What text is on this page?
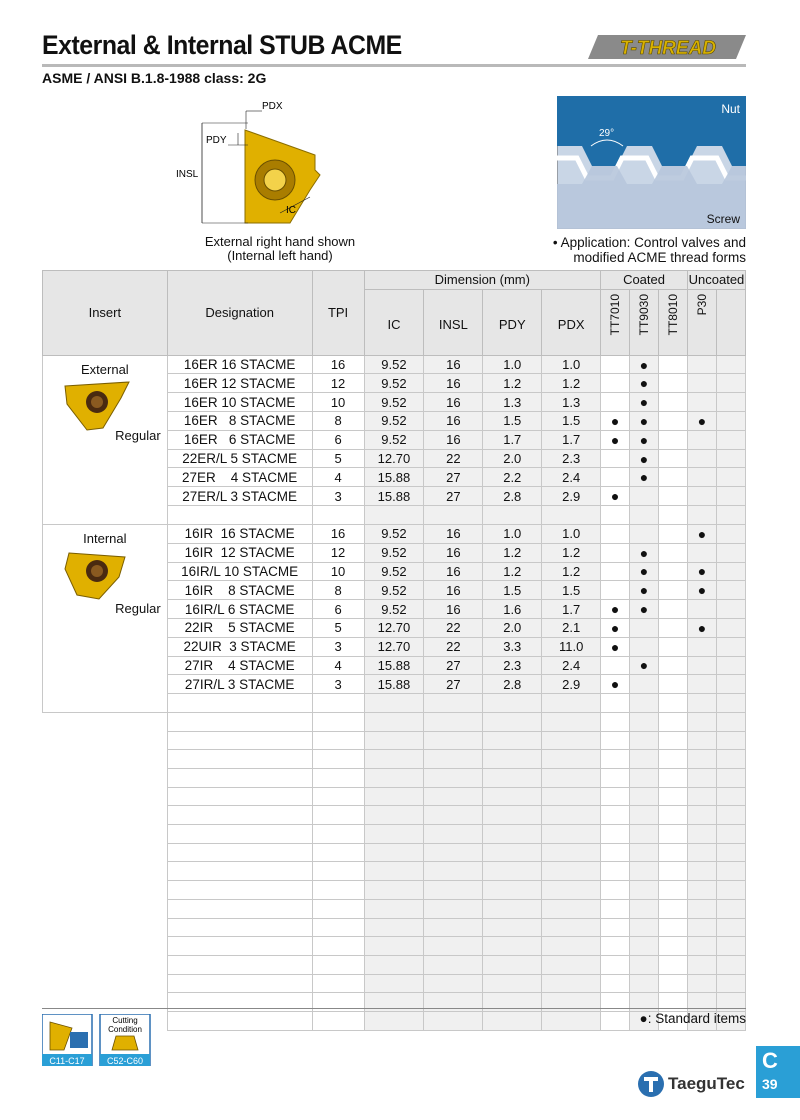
External & Internal STUB ACME
ASME / ANSI B.1.8-1988 class: 2G
T-THREAD
PDX
PDY
INSL
IC
External right hand shown
(Internal left hand)
Nut
Screw
29°
• Application: Control valves and
modified ACME thread forms
Insert	Designation	TPI	Dimension (mm)				Coated			Uncoated	
			IC	INSL	PDY	PDX	TT7010	TT9030	TT8010	P30	

External
Regular	16ER 16 STACME	16	9.52	16	1.0	1.0		●			
	16ER 12 STACME	12	9.52	16	1.2	1.2		●			
	16ER 10 STACME	10	9.52	16	1.3	1.3		●			
	16ER   8 STACME	8	9.52	16	1.5	1.5	●	●		●	
	16ER   6 STACME	6	9.52	16	1.7	1.7	●	●			
	22ER/L 5 STACME	5	12.70	22	2.0	2.3		●			
	27ER    4 STACME	4	15.88	27	2.2	2.4		●			
	27ER/L 3 STACME	3	15.88	27	2.8	2.9	●				

Internal
Regular	16IR  16 STACME	16	9.52	16	1.0	1.0				●	
	16IR  12 STACME	12	9.52	16	1.2	1.2		●			
	16IR/L 10 STACME	10	9.52	16	1.2	1.2		●		●	
	16IR    8 STACME	8	9.52	16	1.5	1.5		●		●	
	16IR/L 6 STACME	6	9.52	16	1.6	1.7	●	●			
	22IR    5 STACME	5	12.70	22	2.0	2.1	●			●	
	22UIR  3 STACME	3	12.70	22	3.3	11.0	●				
	27IR    4 STACME	4	15.88	27	2.3	2.4		●			
	27IR/L 3 STACME	3	15.88	27	2.8	2.9	●				

C11-C17
Cutting
Condition
C52-C60
●: Standard items
C
39
TaeguTec
